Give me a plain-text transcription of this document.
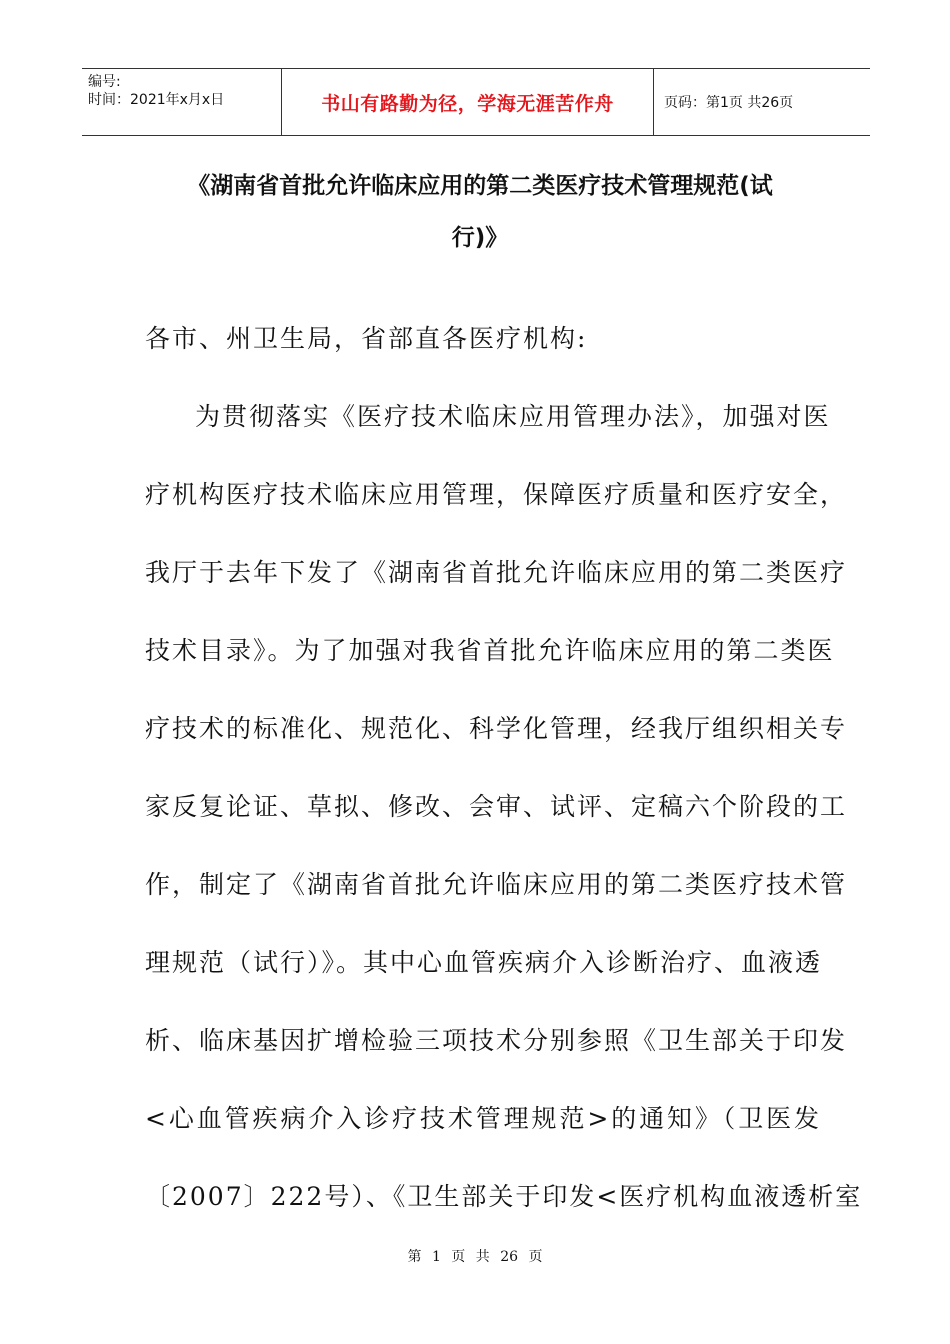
编号:
时间：2021年x月x日	书山有路勤为径，学海无涯苦作舟	页码：第1页 共26页
《湖南省首批允许临床应用的第二类医疗技术管理规范(试
行)》
各市、州卫生局，省部直各医疗机构:
为贯彻落实《医疗技术临床应用管理办法》，加强对医
疗机构医疗技术临床应用管理，保障医疗质量和医疗安全，
我厅于去年下发了《湖南省首批允许临床应用的第二类医疗
技术目录》。为了加强对我省首批允许临床应用的第二类医
疗技术的标准化、规范化、科学化管理，经我厅组织相关专
家反复论证、草拟、修改、会审、试评、定稿六个阶段的工
作，制定了《湖南省首批允许临床应用的第二类医疗技术管
理规范（试行）》。其中心血管疾病介入诊断治疗、血液透
析、临床基因扩增检验三项技术分别参照《卫生部关于印发
<心血管疾病介入诊疗技术管理规范>的通知》（卫医发
〔2007〕222号）、《卫生部关于印发<医疗机构血液透析室
第 1 页 共 26 页
